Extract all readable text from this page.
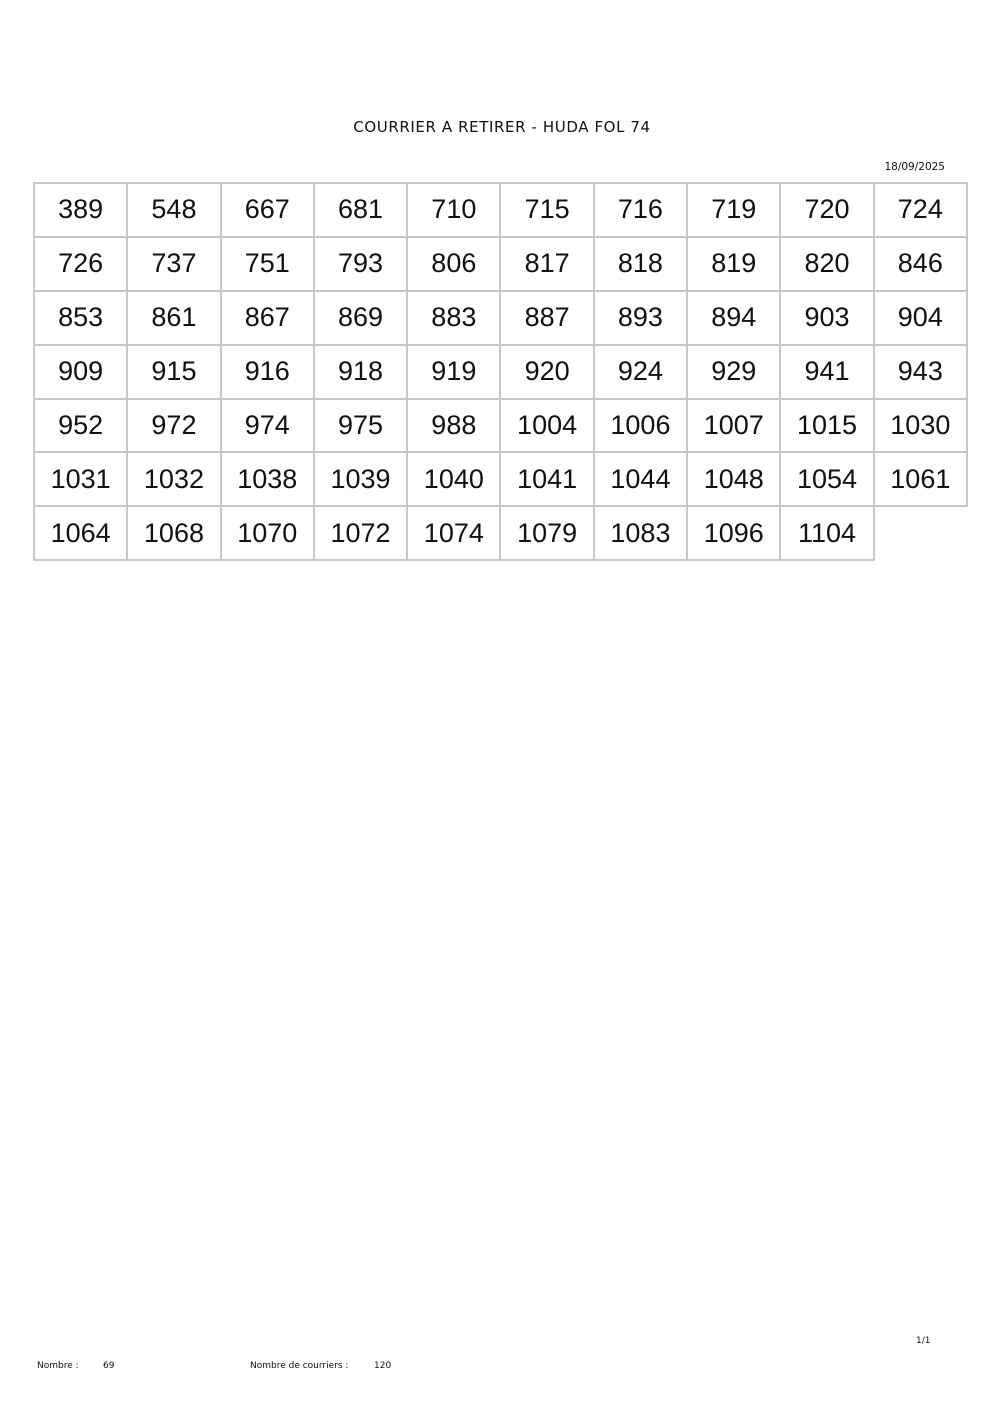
COURRIER A RETIRER - HUDA FOL 74
18/09/2025
389	548	667	681	710	715	716	719	720	724
726	737	751	793	806	817	818	819	820	846
853	861	867	869	883	887	893	894	903	904
909	915	916	918	919	920	924	929	941	943
952	972	974	975	988	1004	1006	1007	1015	1030
1031	1032	1038	1039	1040	1041	1044	1048	1054	1061
1064	1068	1070	1072	1074	1079	1083	1096	1104
1/1
Nombre :	69	Nombre de courriers :	120
